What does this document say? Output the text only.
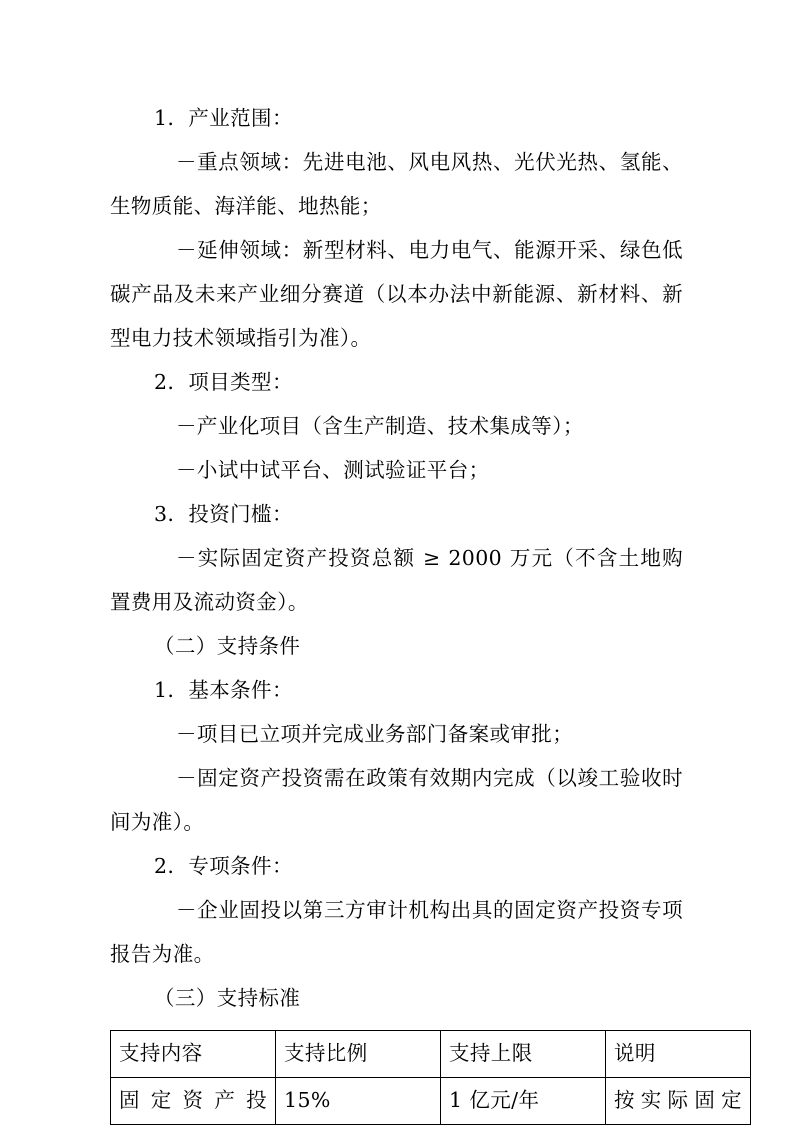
1．产业范围：

－重点领域：先进电池、风电风热、光伏光热、氢能、生物质能、海洋能、地热能；

－延伸领域：新型材料、电力电气、能源开采、绿色低碳产品及未来产业细分赛道（以本办法中新能源、新材料、新型电力技术领域指引为准）。

2．项目类型：

－产业化项目（含生产制造、技术集成等）；

－小试中试平台、测试验证平台；

3．投资门槛：

－实际固定资产投资总额 ≥ 2000 万元（不含土地购置费用及流动资金）。

（二）支持条件

1．基本条件：

－项目已立项并完成业务部门备案或审批；

－固定资产投资需在政策有效期内完成（以竣工验收时间为准）。

2．专项条件：

－企业固投以第三方审计机构出具的固定资产投资专项报告为准。

（三）支持标准

支持内容	支持比例	支持上限	说明
固定资产投	15%	1 亿元/年	按实际固定
